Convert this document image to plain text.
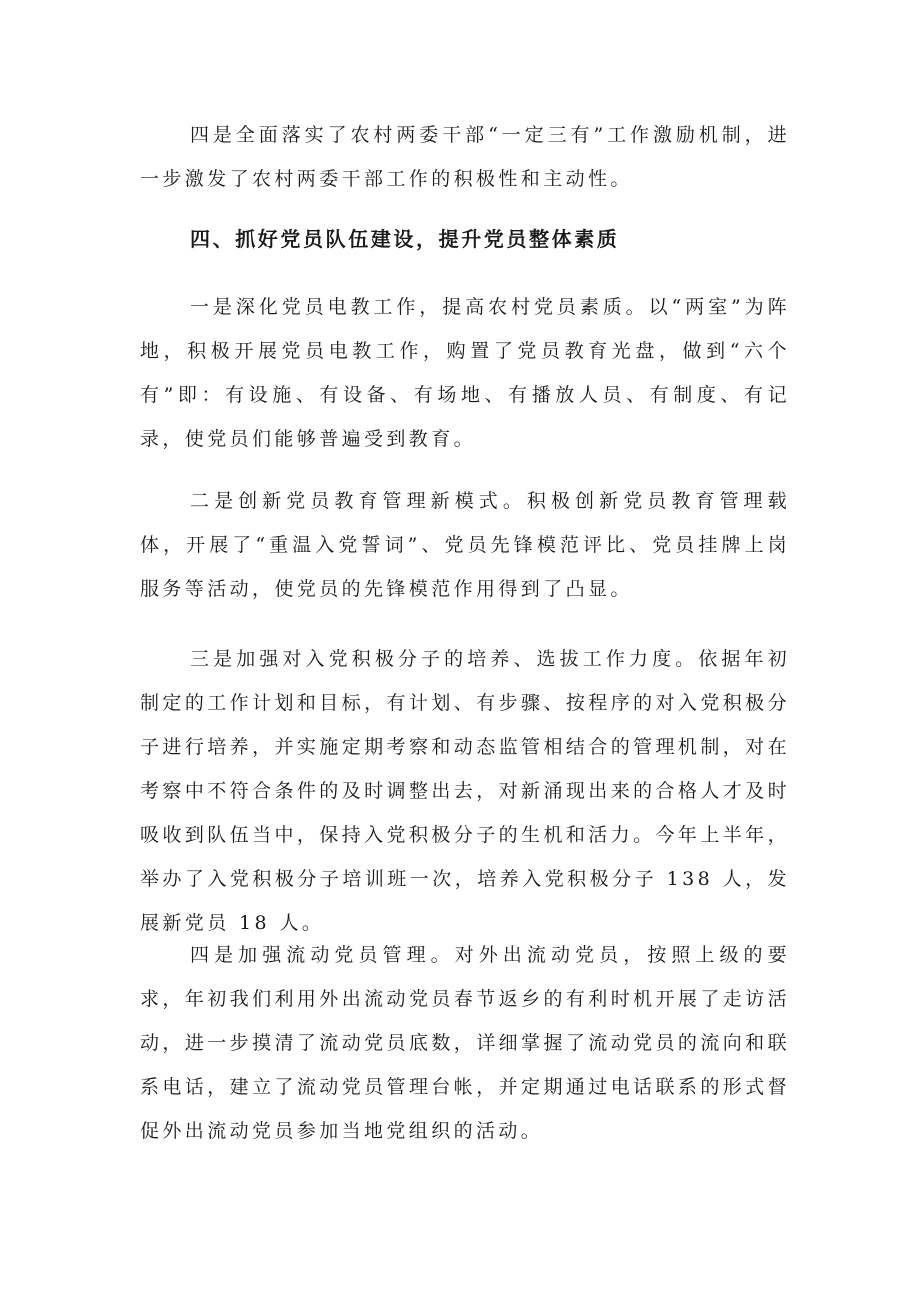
四是全面落实了农村两委干部“一定三有”工作激励机制，进一步激发了农村两委干部工作的积极性和主动性。

四、抓好党员队伍建设，提升党员整体素质

一是深化党员电教工作，提高农村党员素质。以“两室”为阵地，积极开展党员电教工作，购置了党员教育光盘，做到“六个有”即：有设施、有设备、有场地、有播放人员、有制度、有记录，使党员们能够普遍受到教育。

二是创新党员教育管理新模式。积极创新党员教育管理载体，开展了“重温入党誓词”、党员先锋模范评比、党员挂牌上岗服务等活动，使党员的先锋模范作用得到了凸显。

三是加强对入党积极分子的培养、选拔工作力度。依据年初制定的工作计划和目标，有计划、有步骤、按程序的对入党积极分子进行培养，并实施定期考察和动态监管相结合的管理机制，对在考察中不符合条件的及时调整出去，对新涌现出来的合格人才及时吸收到队伍当中，保持入党积极分子的生机和活力。今年上半年，举办了入党积极分子培训班一次，培养入党积极分子 138 人，发展新党员 18 人。

四是加强流动党员管理。对外出流动党员，按照上级的要求，年初我们利用外出流动党员春节返乡的有利时机开展了走访活动，进一步摸清了流动党员底数，详细掌握了流动党员的流向和联系电话，建立了流动党员管理台帐，并定期通过电话联系的形式督促外出流动党员参加当地党组织的活动。
